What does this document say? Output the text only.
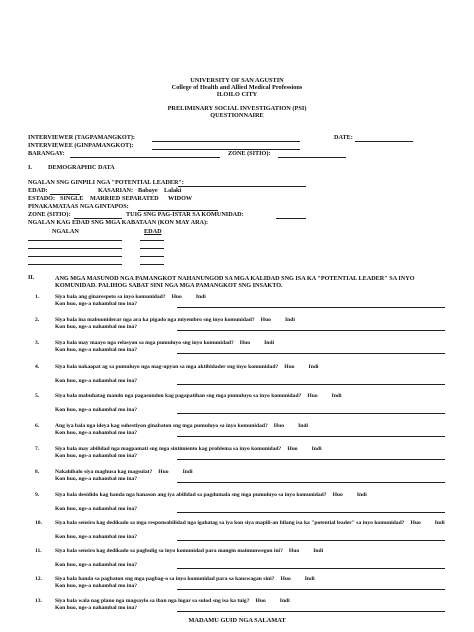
UNIVERSITY OF SAN AGUSTIN
College of Health and Allied Medical Professions
ILOILO CITY
PRELIMINARY SOCIAL INVESTIGATION (PSI)
QUESTIONNAIRE
INTERVIEWER (TAGPAMANGKOT):	DATE:
INTERVIEWEE (GINPAMANGKOT):
BARANGAY:	ZONE (SITIO):
I.	DEMOGRAPHIC DATA
NGALAN SNG GINPILI NGA "POTENTIAL LEADER":
EDAD:	KASARIAN: Babaye Lalaki
ESTADO: SINGLE MARRIED SEPARATED WIDOW
PINAKAMATAAS NGA GINTAPOS:
ZONE (SITIO):	TUIG SNG PAG-ISTAR SA KOMUNIDAD:
NGALAN KAG EDAD SNG MGA KABATAAN (KON MAY ARA):
NGALAN	EDAD
II.	ANG MGA MASUNOD NGA PAMANGKOT NAHANUNGOD SA MGA KALIDAD SNG ISA KA "POTENTIAL LEADER" SA INYO KOMUNIDAD. PALIHOG SABAT SINI NGA MGA PAMANGKOT SNG INSAKTO.
1.	Siya bala ang ginarespeto sa inyo komunidad? Huo	Indi
Kon huo, ngs-a nahambal mo ina?
2.	Siya bala ina mabuoniderar nga ara ka pigado nga miyembro sng inyo komunidad? Huo	Indi
Kon huo, ngs-a nahambal mo ina?
3.	Siya bala may maayo nga relasyon sa mga pumuluyo sng inyo komunidad? Huo	Indi
Kon huo, ngs-a nahambal mo ina?
4.	Siya bala nakaapat ag sa pumuluyo nga mag-upyon sa mga aktibidader sng inyo komunidad? Huo	Indi
Kon huo, ngs-a nahambal mo ina?
5.	Siya bala mabuhatag mando nga pagasundon kag pagapatihan sng mga pumuluyo sa inyo komunidad? Huo	Indi
Kon huo, ngs-a nahambal mo ina?
6.	Ang iya bala nga ideya kag suhestiyon ginabaton sng mga pumuluyo sa inyo komunidad? Huo	Indi
Kon huo, ngs-a nahambal mo ina?
7.	Siya bala may abilidad nga magpamati sng mga sintimiento kag problema sa inyo komunidad? Huo	Indi
Kon huo, ngs-a nahambal mo ina?
8.	Nakahibalo siya maghusa kag magsulat? Huo	Indi
Kon huo, ngs-a nahambal mo ina?
9.	Siya bala desidido kag handa nga hanason ang iya abilidad sa pagdumala sng mga pumuluyo sa inyo komunidad? Huo	Indi
Kon huo, ngs-a nahambal mo ina?
10. Siya bala sensiro kag dedikado sa mga responsabilidad nga igahatag sa iya kon siya mapili-an bilang isa ka "potential leader" sa inyo komunidad? Huo	Indi
Kon huo, ngs-a nahambal mo ina?
11. Siya bala sensiro kag dedikado sa pagbulig sa inyo komunidad para mangin maimunwegon ini? Huo	Indi
Kon huo, ngs-a nahambal mo ina?
12. Siya bala handa sa pagbaton sng mga pagbag-o sa inyo komunidad para sa kauswagan sini? Huo	Indi
Kon huo, ngs-a nahambal mo ina?
13. Siya bala wala nag plano nga magsaylo sa iban nga lugar sa sulod sng isa ka tuig? Huo	Indi
Kon huo, ngs-a nahambal mo ina?
MADAMU GUID NGA SALAMAT
